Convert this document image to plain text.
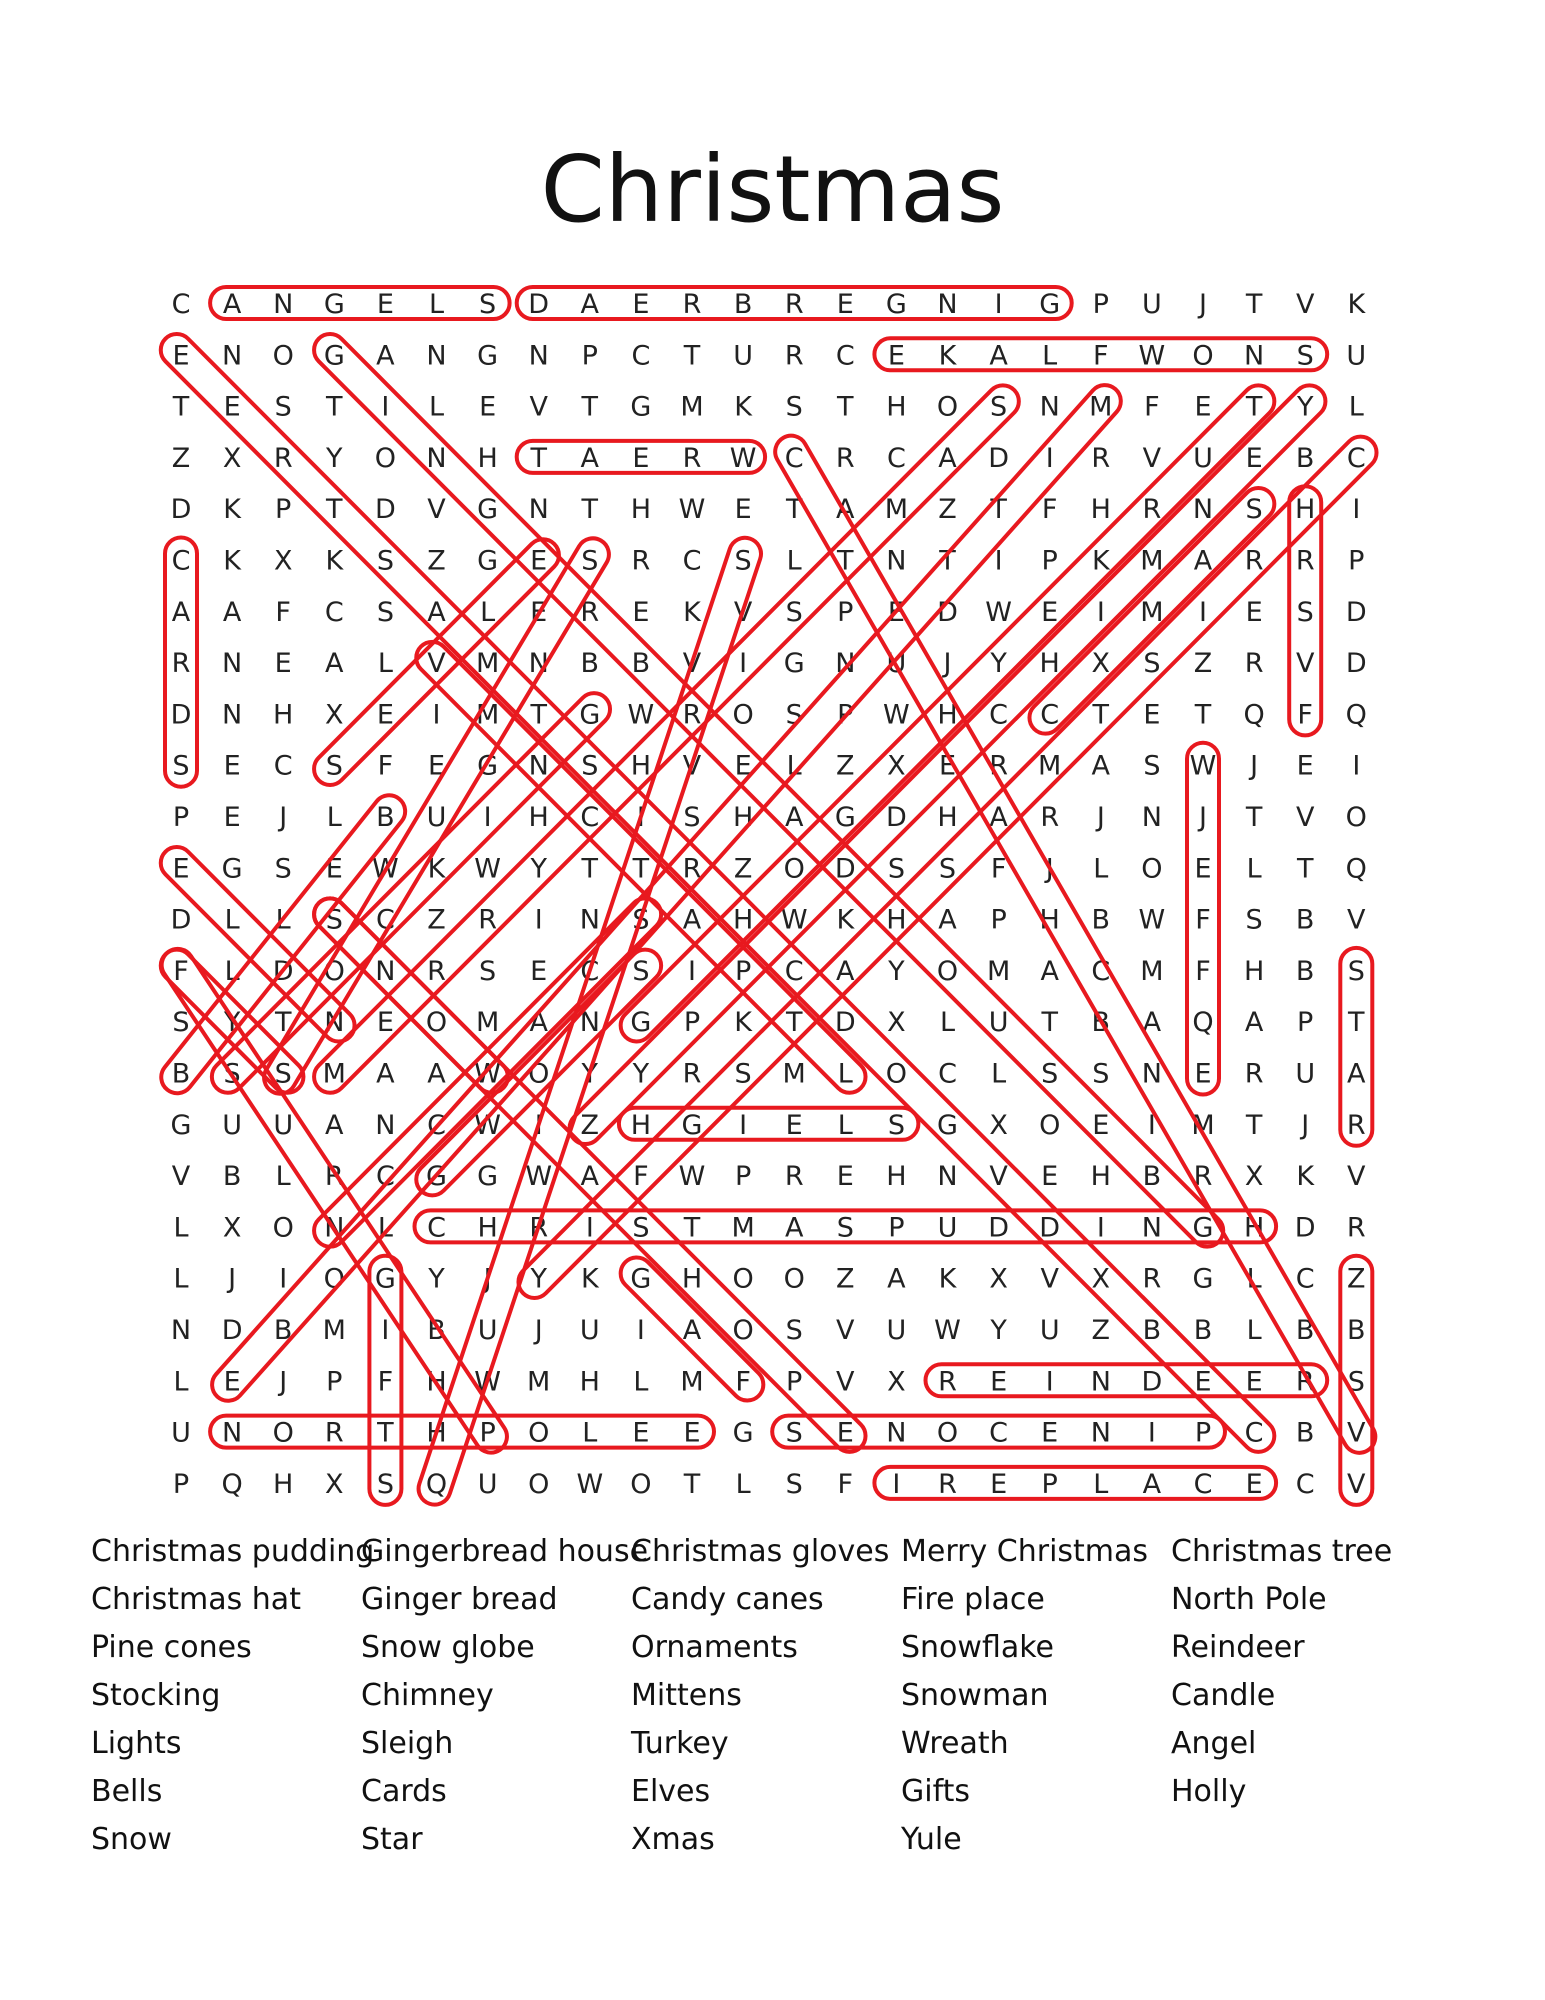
Christmas
C A N G E L S D A E R B R E G N I G P U J T V K
E N O G A N G N P C T U R C E K A L F W O N S U
T E S T I L E V T G M K S T H O S N M F E T Y L
Z X R Y O N H T A E R W C R C A D I R V U E B C
D K P T D V G N T H W E T A M Z T F H R N S H I
C K X K S Z G E S R C S L T N T I P K M A R R P
A A F C S A L E R E K V S P E D W E I M I E S D
R N E A L V M N B B V I G N U J Y H X S Z R V D
D N H X E I M T G W R O S P W H C C T E T Q F Q
S E C S F E G N S H V E L Z X E R M A S W J E I
P E J L B U I H C I S H A G D H A R J N J T V O
E G S E W K W Y T T R Z O D S S F J L O E L T Q
D L L S C Z R I N S A H W K H A P H B W F S B V
F L D O N R S E C S I P C A Y O M A C M F H B S
S Y T N E O M A N G P K T D X L U T B A Q A P T
B S S M A A W O Y Y R S M L O C L S S N E R U A
G U U A N C W I Z H G I E L S G X O E I M T J R
V B L R C G G W A F W P R E H N V E H B R X K V
L X O N L C H R I S T M A S P U D D I N G H D R
L J I O G Y J Y K G H O O Z A K X V X R G L C Z
N D B M I B U J U I A O S V U W Y U Z B B L B B
L E J P F H W M H L M F P V X R E I N D E E R S
U N O R T H P O L E E G S E N O C E N I P C B V
P Q H X S Q U O W O T L S F I R E P L A C E C V
Christmas pudding
Christmas hat
Pine cones
Stocking
Lights
Bells
Snow
Gingerbread house
Ginger bread
Snow globe
Chimney
Sleigh
Cards
Star
Christmas gloves
Candy canes
Ornaments
Mittens
Turkey
Elves
Xmas
Merry Christmas
Fire place
Snowflake
Snowman
Wreath
Gifts
Yule
Christmas tree
North Pole
Reindeer
Candle
Angel
Holly
